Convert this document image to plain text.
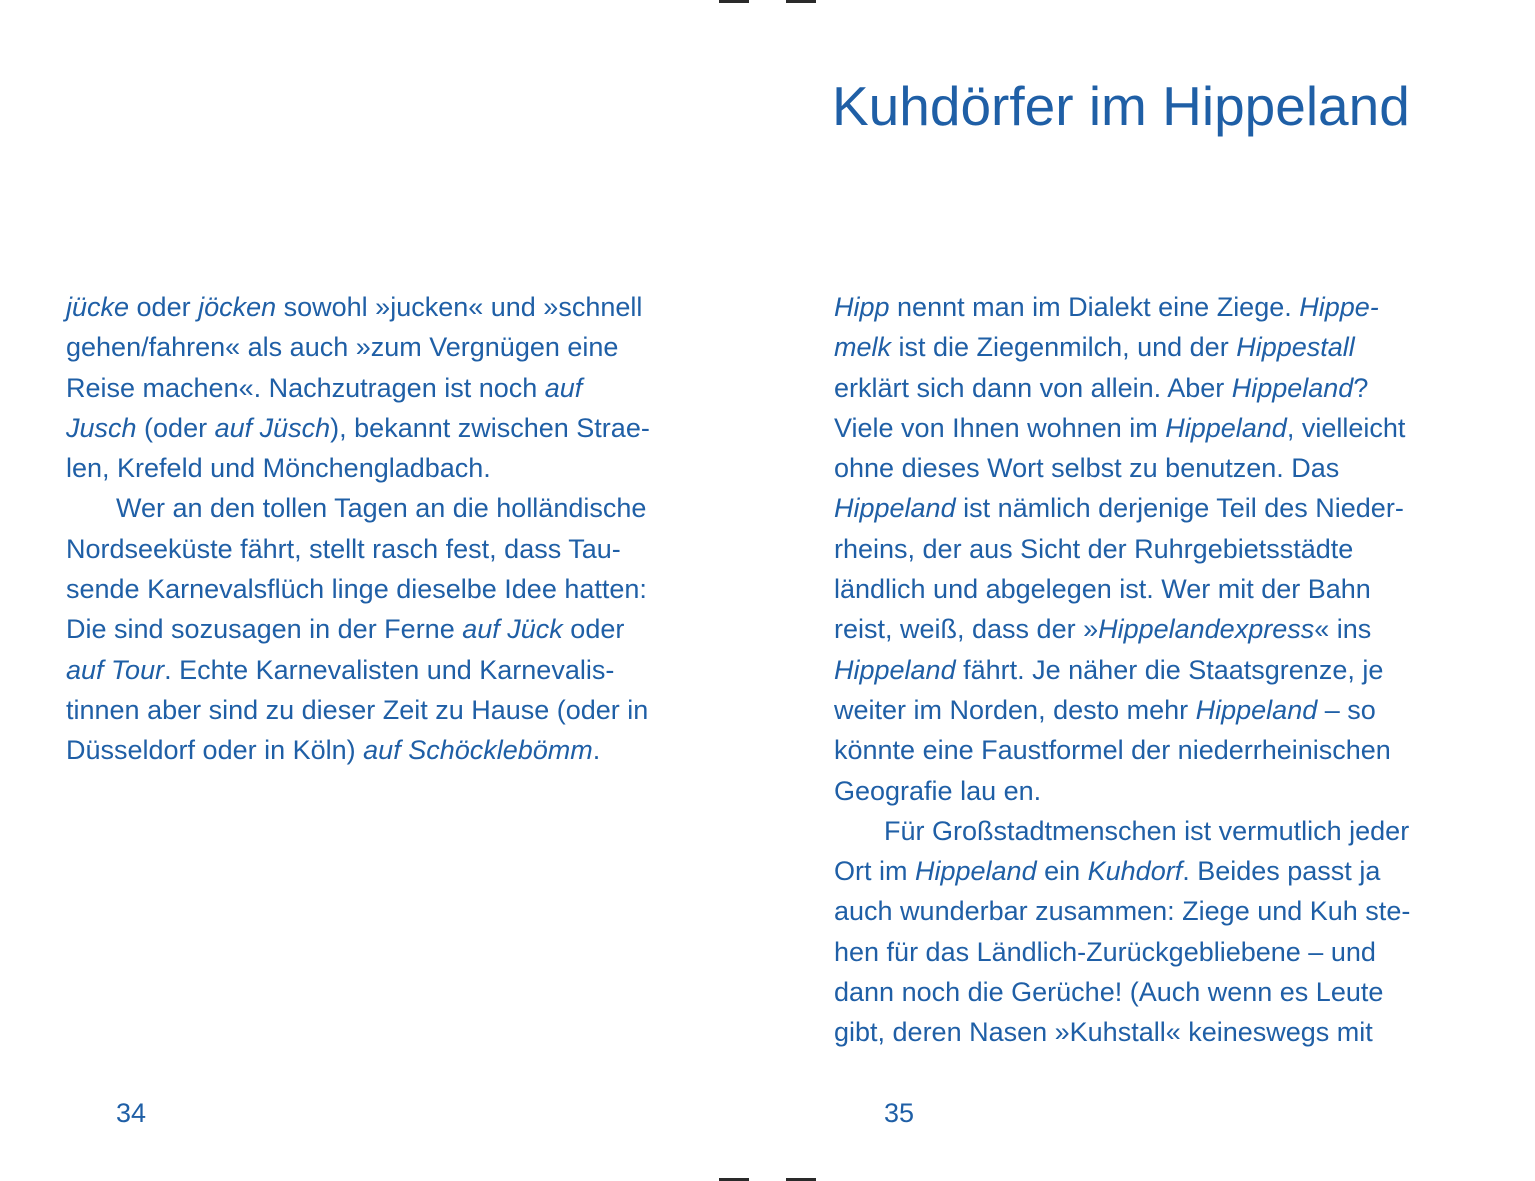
jücke oder jöcken sowohl »jucken« und »schnell
gehen/fahren« als auch »zum Vergnügen eine
Reise machen«. Nachzutragen ist noch auf
Jusch (oder auf Jüsch), bekannt zwischen Strae-
len, Krefeld und Mönchengladbach.
Wer an den tollen Tagen an die holländische
Nordseeküste fährt, stellt rasch fest, dass Tau-
sende Karnevalsflüch linge dieselbe Idee hatten:
Die sind sozusagen in der Ferne auf Jück oder
auf Tour. Echte Karnevalisten und Karnevalis-
tinnen aber sind zu dieser Zeit zu Hause (oder in
Düsseldorf oder in Köln) auf Schöcklebömm.
34
Kuhdörfer im Hippeland
Hipp nennt man im Dialekt eine Ziege. Hippe-
melk ist die Ziegenmilch, und der Hippestall
erklärt sich dann von allein. Aber Hippeland?
Viele von Ihnen wohnen im Hippeland, vielleicht
ohne dieses Wort selbst zu benutzen. Das
Hippeland ist nämlich derjenige Teil des Nieder-
rheins, der aus Sicht der Ruhrgebietsstädte
ländlich und abgelegen ist. Wer mit der Bahn
reist, weiß, dass der »Hippelandexpress« ins
Hippeland fährt. Je näher die Staatsgrenze, je
weiter im Norden, desto mehr Hippeland – so
könnte eine Faustformel der niederrheinischen
Geografie lau en.
Für Großstadtmenschen ist vermutlich jeder
Ort im Hippeland ein Kuhdorf. Beides passt ja
auch wunderbar zusammen: Ziege und Kuh ste-
hen für das Ländlich-Zurückgebliebene – und
dann noch die Gerüche! (Auch wenn es Leute
gibt, deren Nasen »Kuhstall« keineswegs mit
35
